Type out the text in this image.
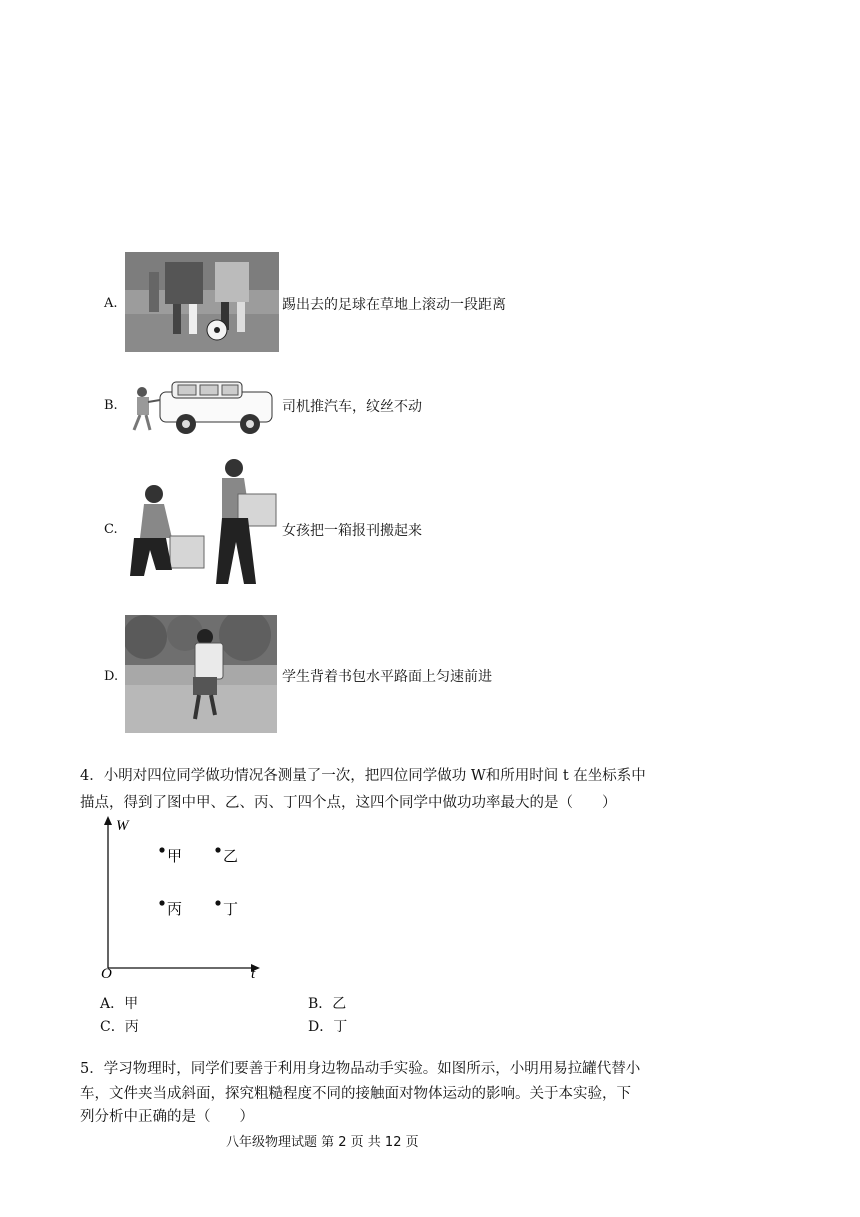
A.	踢出去的足球在草地上滚动一段距离
B.	司机推汽车，纹丝不动
C.	女孩把一箱报刊搬起来
D.	学生背着书包水平路面上匀速前进
4．小明对四位同学做功情况各测量了一次，把四位同学做功 W和所用时间 t 在坐标系中
描点，得到了图中甲、乙、丙、丁四个点，这四个同学中做功功率最大的是（　　）
W
t
O
甲	乙
丙	丁
A．甲	B．乙
C．丙	D．丁
5．学习物理时，同学们要善于利用身边物品动手实验。如图所示，小明用易拉罐代替小
车，文件夹当成斜面，探究粗糙程度不同的接触面对物体运动的影响。关于本实验，下
列分析中正确的是（　　）
八年级物理试题 第 2 页 共 12 页
